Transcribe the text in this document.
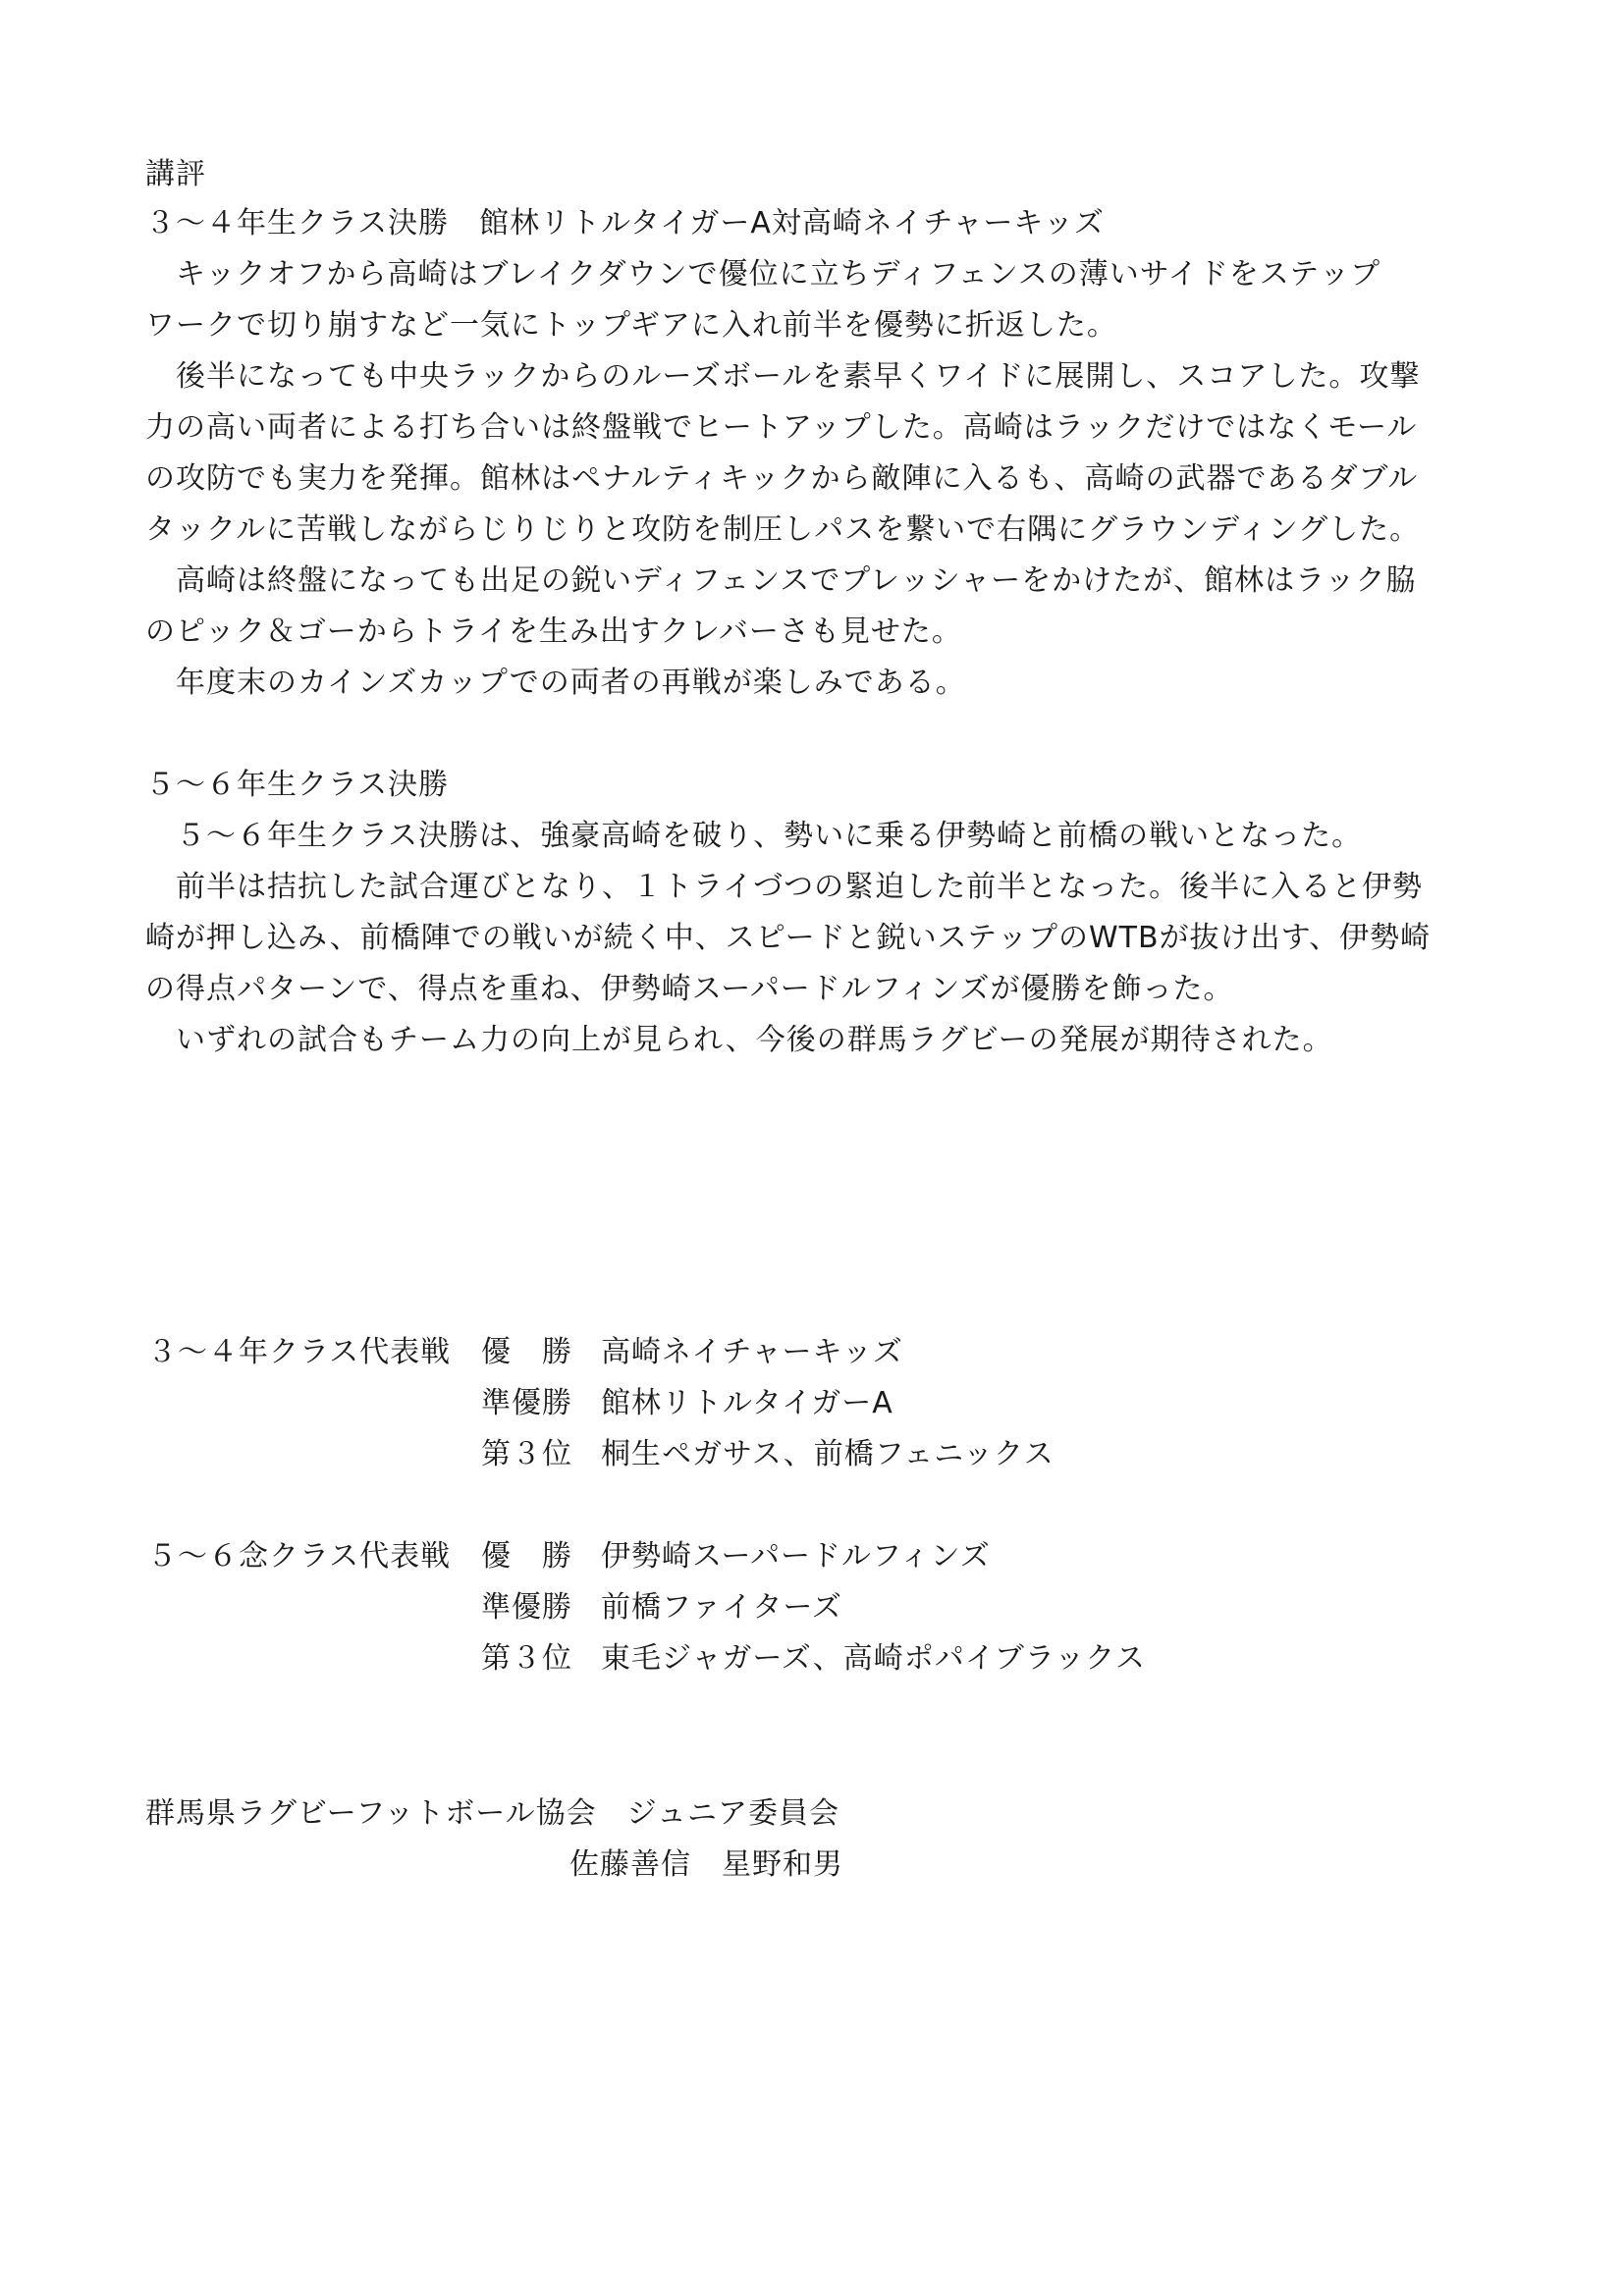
講評
３～４年生クラス決勝　館林リトルタイガーA対高崎ネイチャーキッズ
　キックオフから高崎はブレイクダウンで優位に立ちディフェンスの薄いサイドをステップ
ワークで切り崩すなど一気にトップギアに入れ前半を優勢に折返した。
　後半になっても中央ラックからのルーズボールを素早くワイドに展開し、スコアした。攻撃
力の高い両者による打ち合いは終盤戦でヒートアップした。高崎はラックだけではなくモール
の攻防でも実力を発揮。館林はペナルティキックから敵陣に入るも、高崎の武器であるダブル
タックルに苦戦しながらじりじりと攻防を制圧しパスを繋いで右隅にグラウンディングした。
　高崎は終盤になっても出足の鋭いディフェンスでプレッシャーをかけたが、館林はラック脇
のピック＆ゴーからトライを生み出すクレバーさも見せた。
　年度末のカインズカップでの両者の再戦が楽しみである。
５～６年生クラス決勝
　５～６年生クラス決勝は、強豪高崎を破り、勢いに乗る伊勢崎と前橋の戦いとなった。
　前半は拮抗した試合運びとなり、１トライづつの緊迫した前半となった。後半に入ると伊勢
崎が押し込み、前橋陣での戦いが続く中、スピードと鋭いステップのWTBが抜け出す、伊勢崎
の得点パターンで、得点を重ね、伊勢崎スーパードルフィンズが優勝を飾った。
　いずれの試合もチーム力の向上が見られ、今後の群馬ラグビーの発展が期待された。
３～４年クラス代表戦 優　勝 高崎ネイチャーキッズ
準優勝 館林リトルタイガーA
第３位 桐生ペガサス、前橋フェニックス
５～６念クラス代表戦 優　勝 伊勢崎スーパードルフィンズ
準優勝 前橋ファイターズ
第３位 東毛ジャガーズ、高崎ポパイブラックス
群馬県ラグビーフットボール協会　ジュニア委員会
佐藤善信　星野和男
